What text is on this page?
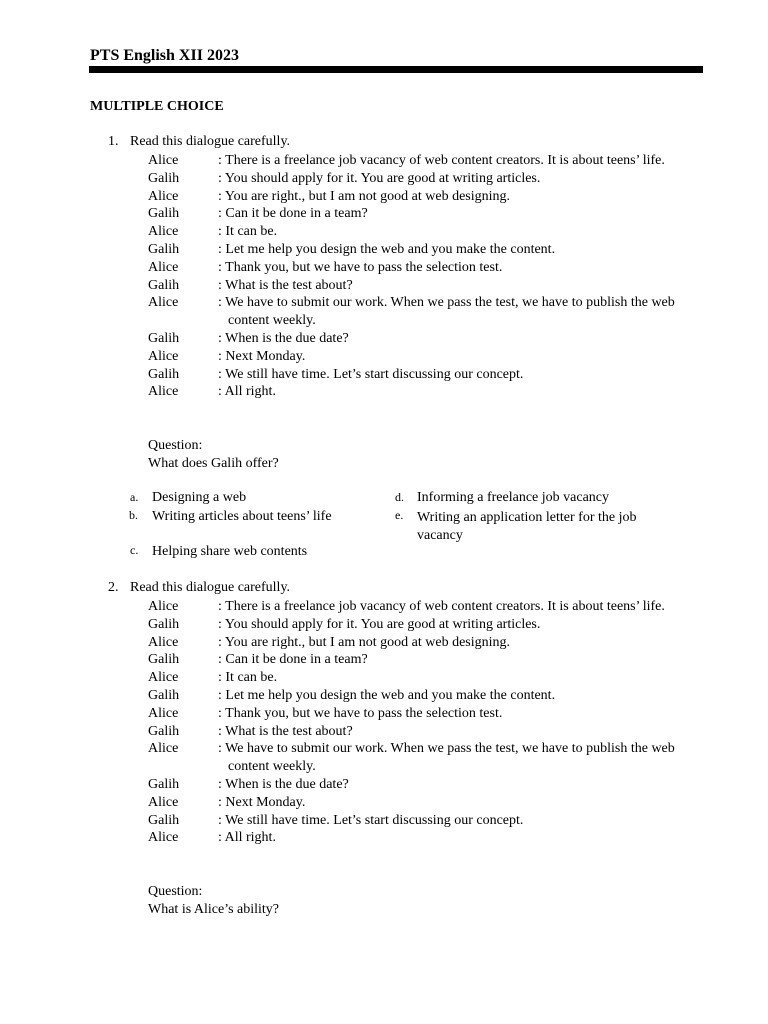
PTS English XII 2023
MULTIPLE CHOICE
1. Read this dialogue carefully.
Alice	: There is a freelance job vacancy of web content creators. It is about teens’ life.
Galih	: You should apply for it. You are good at writing articles.
Alice	: You are right., but I am not good at web designing.
Galih	: Can it be done in a team?
Alice	: It can be.
Galih	: Let me help you design the web and you make the content.
Alice	: Thank you, but we have to pass the selection test.
Galih	: What is the test about?
Alice	: We have to submit our work. When we pass the test, we have to publish the web content weekly.
Galih	: When is the due date?
Alice	: Next Monday.
Galih	: We still have time. Let’s start discussing our concept.
Alice	: All right.
Question:
What does Galih offer?
a. Designing a web
b. Writing articles about teens’ life
c. Helping share web contents
d. Informing a freelance job vacancy
e. Writing an application letter for the job vacancy
2. Read this dialogue carefully.
Alice	: There is a freelance job vacancy of web content creators. It is about teens’ life.
Galih	: You should apply for it. You are good at writing articles.
Alice	: You are right., but I am not good at web designing.
Galih	: Can it be done in a team?
Alice	: It can be.
Galih	: Let me help you design the web and you make the content.
Alice	: Thank you, but we have to pass the selection test.
Galih	: What is the test about?
Alice	: We have to submit our work. When we pass the test, we have to publish the web content weekly.
Galih	: When is the due date?
Alice	: Next Monday.
Galih	: We still have time. Let’s start discussing our concept.
Alice	: All right.
Question:
What is Alice’s ability?
